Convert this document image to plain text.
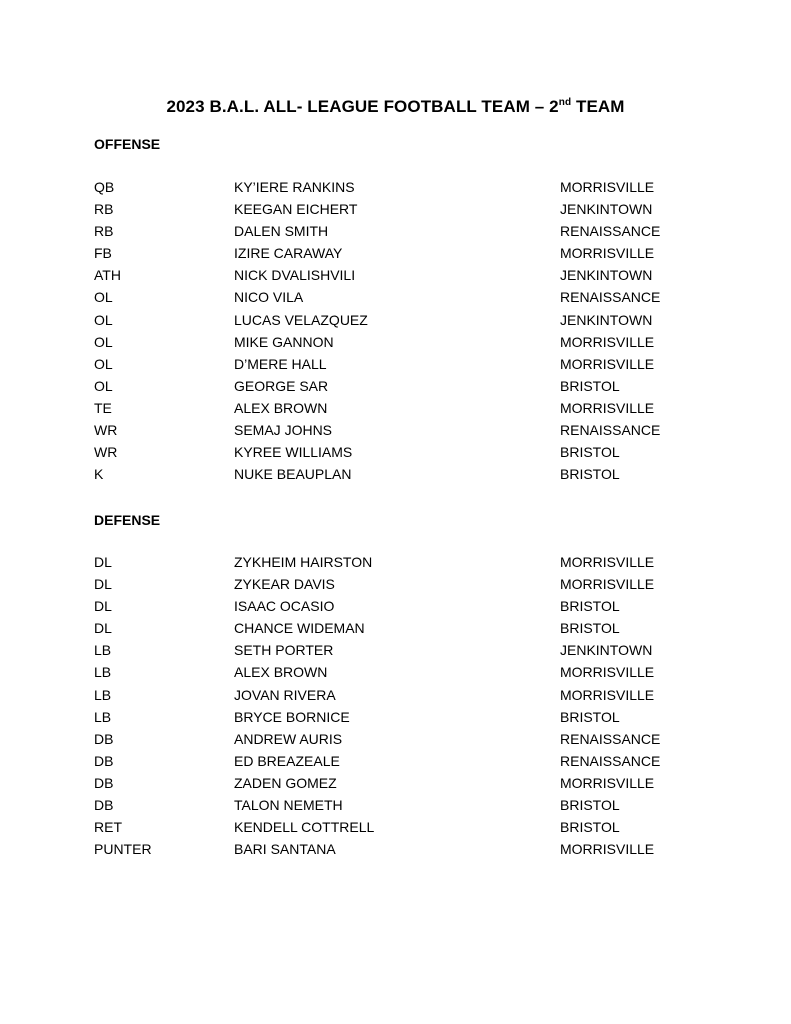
2023 B.A.L. ALL- LEAGUE FOOTBALL TEAM – 2nd TEAM
OFFENSE
QB	KY’IERE RANKINS	MORRISVILLE
RB	KEEGAN EICHERT	JENKINTOWN
RB	DALEN SMITH	RENAISSANCE
FB	IZIRE CARAWAY	MORRISVILLE
ATH	NICK DVALISHVILI	JENKINTOWN
OL	NICO VILA	RENAISSANCE
OL	LUCAS VELAZQUEZ	JENKINTOWN
OL	MIKE GANNON	MORRISVILLE
OL	D’MERE HALL	MORRISVILLE
OL	GEORGE SAR	BRISTOL
TE	ALEX BROWN	MORRISVILLE
WR	SEMAJ JOHNS	RENAISSANCE
WR	KYREE WILLIAMS	BRISTOL
K	NUKE BEAUPLAN	BRISTOL
DEFENSE
DL	ZYKHEIM HAIRSTON	MORRISVILLE
DL	ZYKEAR DAVIS	MORRISVILLE
DL	ISAAC OCASIO	BRISTOL
DL	CHANCE WIDEMAN	BRISTOL
LB	SETH PORTER	JENKINTOWN
LB	ALEX BROWN	MORRISVILLE
LB	JOVAN RIVERA	MORRISVILLE
LB	BRYCE BORNICE	BRISTOL
DB	ANDREW AURIS	RENAISSANCE
DB	ED BREAZEALE	RENAISSANCE
DB	ZADEN GOMEZ	MORRISVILLE
DB	TALON NEMETH	BRISTOL
RET	KENDELL COTTRELL	BRISTOL
PUNTER	BARI SANTANA	MORRISVILLE
